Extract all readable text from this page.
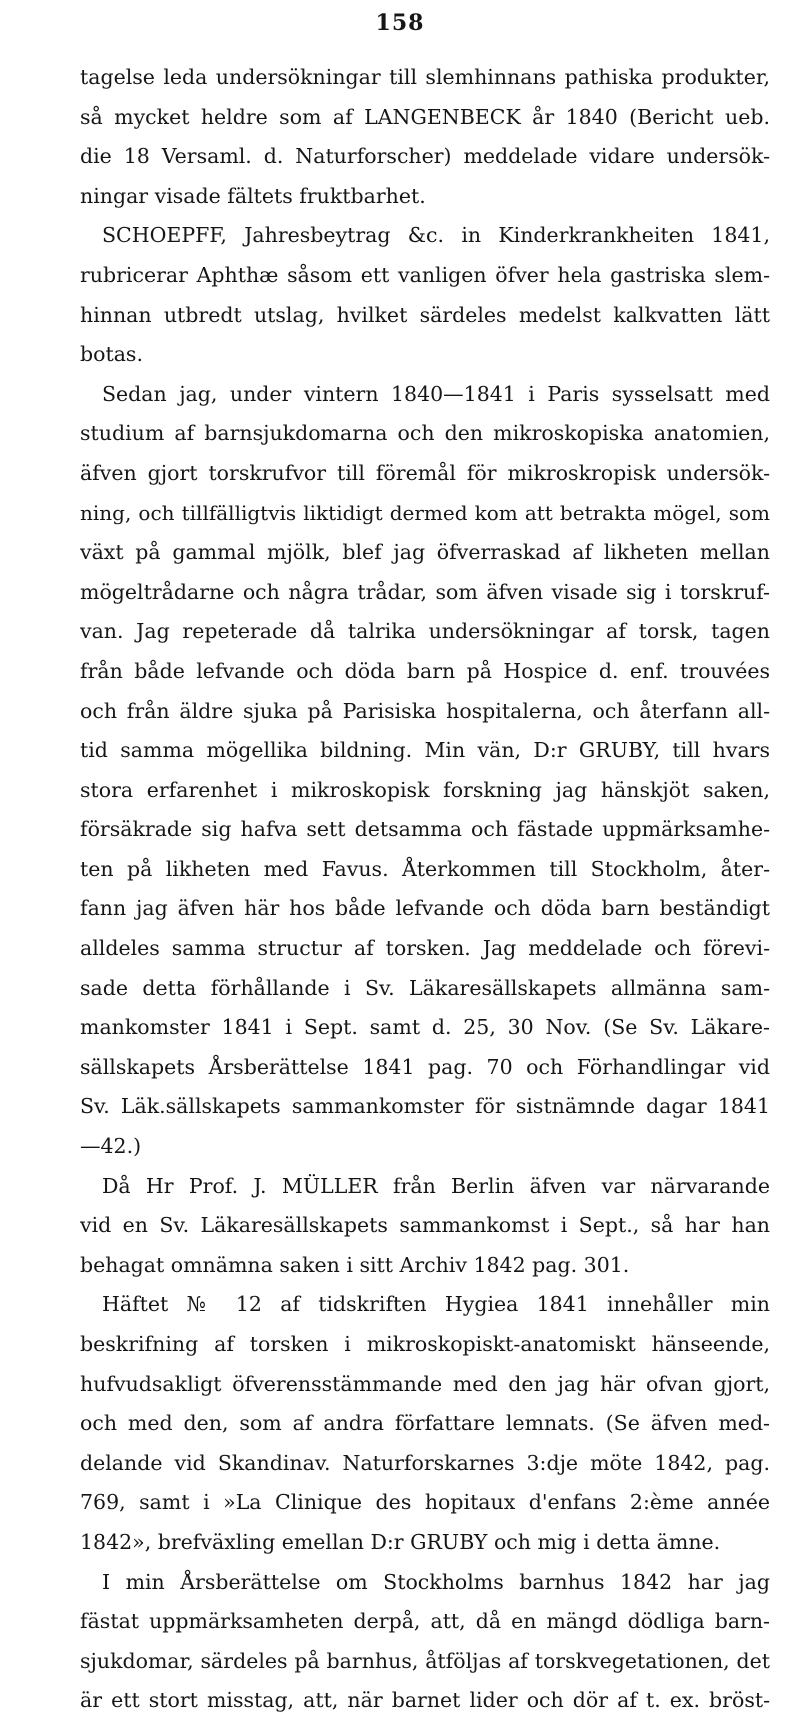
158
tagelse leda undersökningar till slemhinnans pathiska produkter,
så mycket heldre som af LANGENBECK år 1840 (Bericht ueb.
die 18 Versaml. d. Naturforscher) meddelade vidare undersök-
ningar visade fältets fruktbarhet.
SCHOEPFF, Jahresbeytrag &c. in Kinderkrankheiten 1841,
rubricerar Aphthæ såsom ett vanligen öfver hela gastriska slem-
hinnan utbredt utslag, hvilket särdeles medelst kalkvatten lätt
botas.
Sedan jag, under vintern 1840—1841 i Paris sysselsatt med
studium af barnsjukdomarna och den mikroskopiska anatomien,
äfven gjort torskrufvor till föremål för mikroskropisk undersök-
ning, och tillfälligtvis liktidigt dermed kom att betrakta mögel, som
växt på gammal mjölk, blef jag öfverraskad af likheten mellan
mögeltrådarne och några trådar, som äfven visade sig i torskruf-
van. Jag repeterade då talrika undersökningar af torsk, tagen
från både lefvande och döda barn på Hospice d. enf. trouvées
och från äldre sjuka på Parisiska hospitalerna, och återfann all-
tid samma mögellika bildning. Min vän, D:r GRUBY, till hvars
stora erfarenhet i mikroskopisk forskning jag hänskjöt saken,
försäkrade sig hafva sett detsamma och fästade uppmärksamhe-
ten på likheten med Favus. Återkommen till Stockholm, åter-
fann jag äfven här hos både lefvande och döda barn beständigt
alldeles samma structur af torsken. Jag meddelade och förevi-
sade detta förhållande i Sv. Läkaresällskapets allmänna sam-
mankomster 1841 i Sept. samt d. 25, 30 Nov. (Se Sv. Läkare-
sällskapets Årsberättelse 1841 pag. 70 och Förhandlingar vid
Sv. Läk.sällskapets sammankomster för sistnämnde dagar 1841
—42.)
Då Hr Prof. J. MÜLLER från Berlin äfven var närvarande
vid en Sv. Läkaresällskapets sammankomst i Sept., så har han
behagat omnämna saken i sitt Archiv 1842 pag. 301.
Häftet № 12 af tidskriften Hygiea 1841 innehåller min
beskrifning af torsken i mikroskopiskt-anatomiskt hänseende,
hufvudsakligt öfverensstämmande med den jag här ofvan gjort,
och med den, som af andra författare lemnats. (Se äfven med-
delande vid Skandinav. Naturforskarnes 3:dje möte 1842, pag.
769, samt i »La Clinique des hopitaux d'enfans 2:ème année
1842», brefväxling emellan D:r GRUBY och mig i detta ämne.
I min Årsberättelse om Stockholms barnhus 1842 har jag
fästat uppmärksamheten derpå, att, då en mängd dödliga barn-
sjukdomar, särdeles på barnhus, åtföljas af torskvegetationen, det
är ett stort misstag, att, när barnet lider och dör af t. ex. bröst-
